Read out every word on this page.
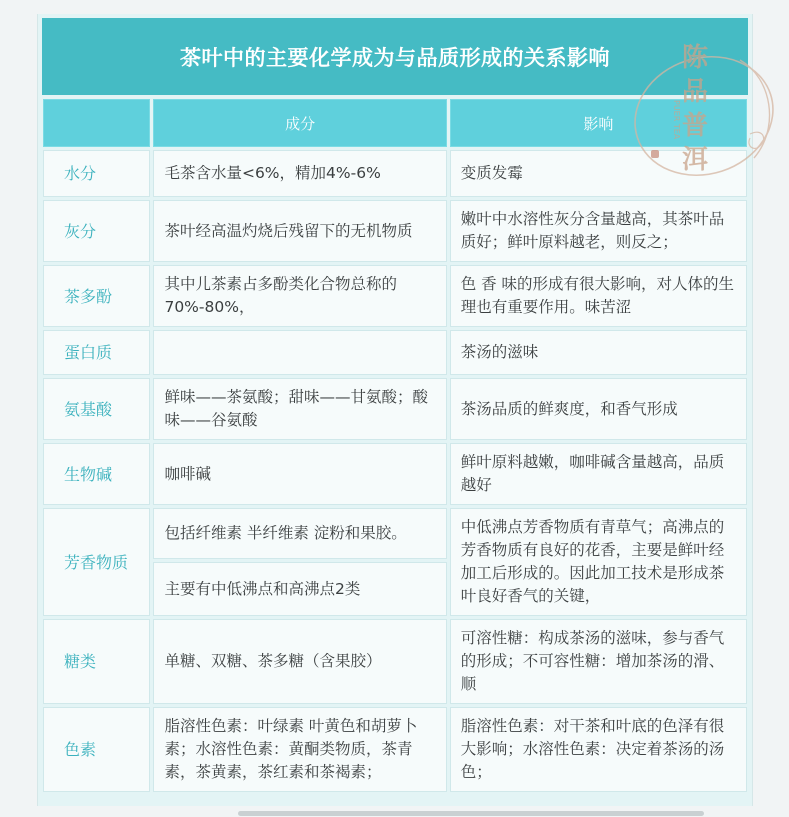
茶叶中的主要化学成为与品质形成的关系影响
	成分	影响
水分	毛茶含水量<6%，精加4%-6%	变质发霉
灰分	茶叶经高温灼烧后残留下的无机物质	嫩叶中水溶性灰分含量越高，其茶叶品质好；鲜叶原料越老，则反之；
茶多酚	其中儿茶素占多酚类化合物总称的70%-80%，	色 香 味的形成有很大影响，对人体的生理也有重要作用。味苦涩
蛋白质		茶汤的滋味
氨基酸	鲜味——茶氨酸；甜味——甘氨酸；酸味——谷氨酸	茶汤品质的鲜爽度，和香气形成
生物碱	咖啡碱	鲜叶原料越嫩，咖啡碱含量越高，品质越好
芳香物质	包括纤维素 半纤维素 淀粉和果胶。	中低沸点芳香物质有青草气；高沸点的芳香物质有良好的花香，主要是鲜叶经加工后形成的。因此加工技术是形成茶叶良好香气的关键，
	主要有中低沸点和高沸点2类	
糖类	单糖、双糖、茶多糖（含果胶）	可溶性糖：构成茶汤的滋味，参与香气的形成；不可容性糖：增加茶汤的滑、顺
色素	脂溶性色素：叶绿素 叶黄色和胡萝卜素；水溶性色素：黄酮类物质，茶青素，茶黄素，茶红素和茶褐素；	脂溶性色素：对干茶和叶底的色泽有很大影响；水溶性色素：决定着茶汤的汤色；
陈
品
普
洱
PUER TEA
